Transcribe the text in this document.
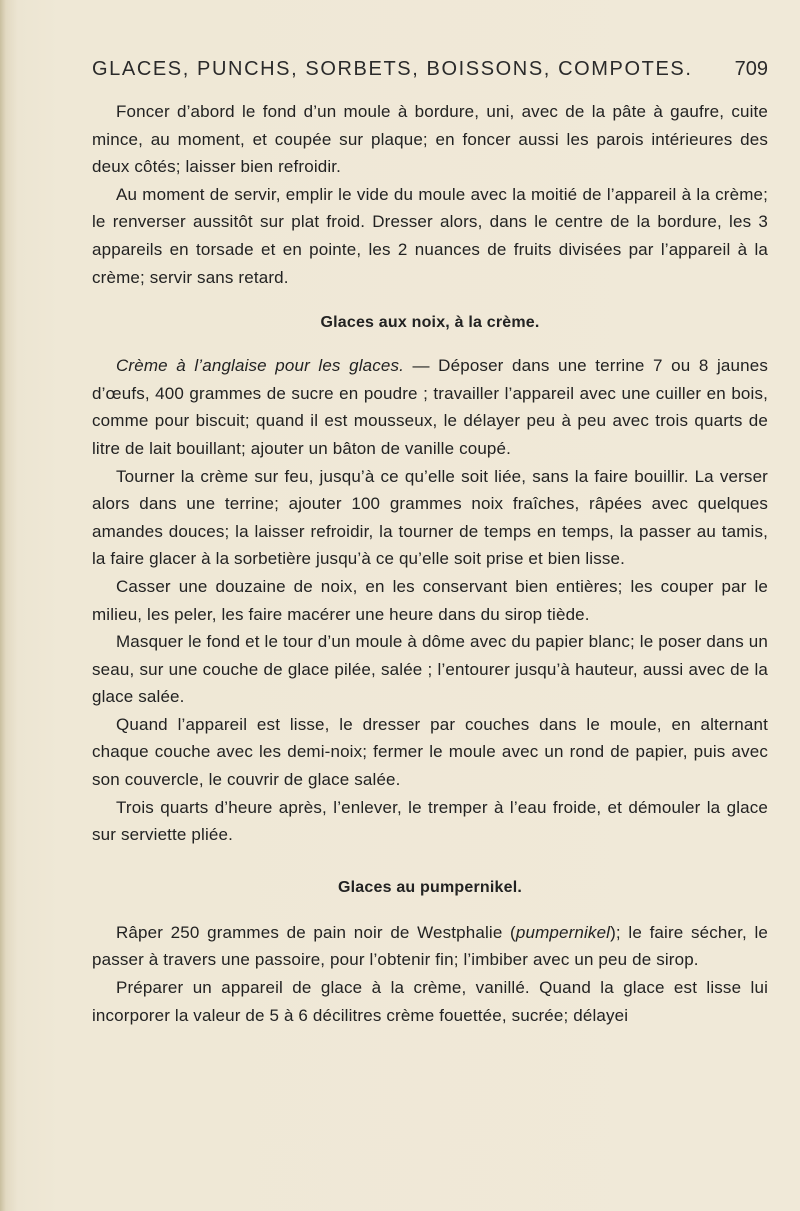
GLACES, PUNCHS, SORBETS, BOISSONS, COMPOTES. 709

Foncer d’abord le fond d’un moule à bordure, uni, avec de la pâte à gaufre, cuite mince, au moment, et coupée sur plaque; en foncer aussi les parois intérieures des deux côtés; laisser bien refroidir.

Au moment de servir, emplir le vide du moule avec la moitié de l’appareil à la crème; le renverser aussitôt sur plat froid. Dresser alors, dans le centre de la bordure, les 3 appareils en torsade et en pointe, les 2 nuances de fruits divisées par l’appareil à la crème; servir sans retard.

Glaces aux noix, à la crème.

Crème à l’anglaise pour les glaces. — Déposer dans une terrine 7 ou 8 jaunes d’œufs, 400 grammes de sucre en poudre ; travailler l’appareil avec une cuiller en bois, comme pour biscuit; quand il est mousseux, le délayer peu à peu avec trois quarts de litre de lait bouillant; ajouter un bâton de vanille coupé.

Tourner la crème sur feu, jusqu’à ce qu’elle soit liée, sans la faire bouillir. La verser alors dans une terrine; ajouter 100 grammes noix fraîches, râpées avec quelques amandes douces; la laisser refroidir, la tourner de temps en temps, la passer au tamis, la faire glacer à la sorbetière jusqu’à ce qu’elle soit prise et bien lisse.

Casser une douzaine de noix, en les conservant bien entières; les couper par le milieu, les peler, les faire macérer une heure dans du sirop tiède.

Masquer le fond et le tour d’un moule à dôme avec du papier blanc; le poser dans un seau, sur une couche de glace pilée, salée ; l’entourer jusqu’à hauteur, aussi avec de la glace salée.

Quand l’appareil est lisse, le dresser par couches dans le moule, en alternant chaque couche avec les demi-noix; fermer le moule avec un rond de papier, puis avec son couvercle, le couvrir de glace salée.

Trois quarts d’heure après, l’enlever, le tremper à l’eau froide, et démouler la glace sur serviette pliée.

Glaces au pumpernikel.

Râper 250 grammes de pain noir de Westphalie (pumpernikel); le faire sécher, le passer à travers une passoire, pour l’obtenir fin; l’imbiber avec un peu de sirop.

Préparer un appareil de glace à la crème, vanillé. Quand la glace est lisse lui incorporer la valeur de 5 à 6 décilitres crème fouettée, sucrée; délayei
